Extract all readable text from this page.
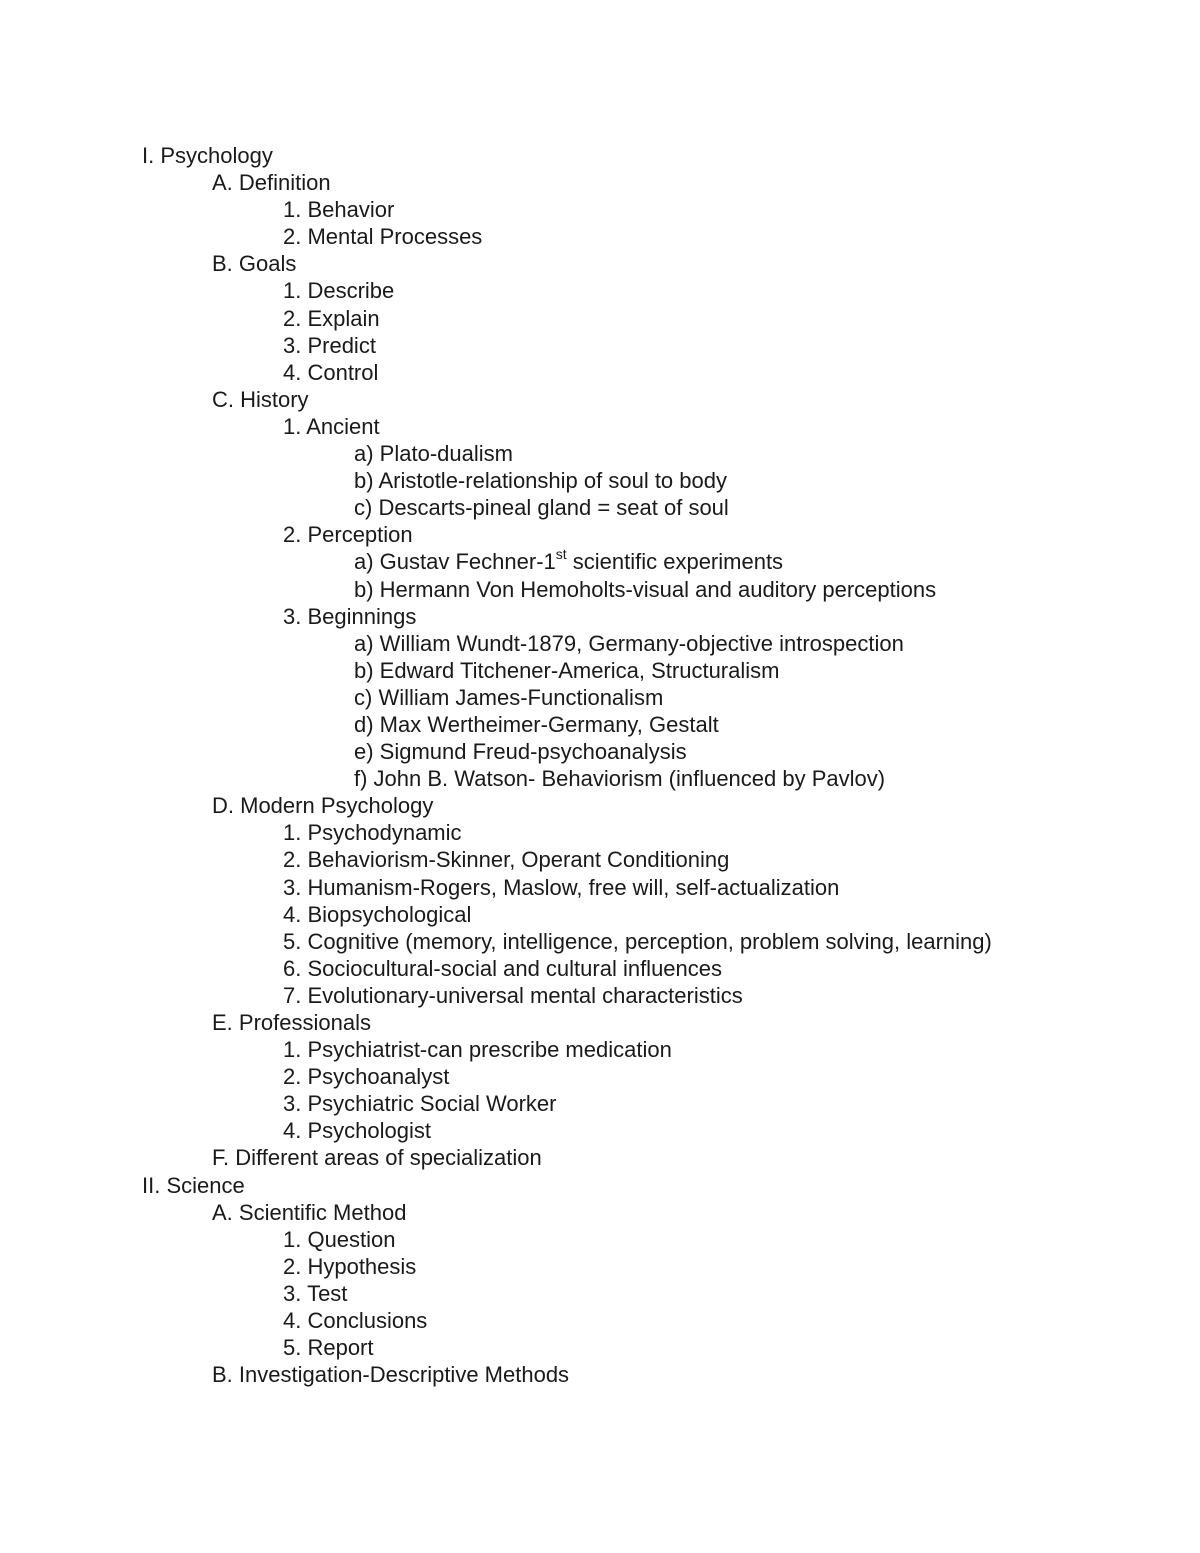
I. Psychology
A. Definition
1. Behavior
2. Mental Processes
B. Goals
1. Describe
2. Explain
3. Predict
4. Control
C. History
1. Ancient
a) Plato-dualism
b) Aristotle-relationship of soul to body
c) Descarts-pineal gland = seat of soul
2. Perception
a) Gustav Fechner-1st scientific experiments
b) Hermann Von Hemoholts-visual and auditory perceptions
3. Beginnings
a) William Wundt-1879, Germany-objective introspection
b) Edward Titchener-America, Structuralism
c) William James-Functionalism
d) Max Wertheimer-Germany, Gestalt
e) Sigmund Freud-psychoanalysis
f) John B. Watson- Behaviorism (influenced by Pavlov)
D. Modern Psychology
1. Psychodynamic
2. Behaviorism-Skinner, Operant Conditioning
3. Humanism-Rogers, Maslow, free will, self-actualization
4. Biopsychological
5. Cognitive (memory, intelligence, perception, problem solving, learning)
6. Sociocultural-social and cultural influences
7. Evolutionary-universal mental characteristics
E. Professionals
1. Psychiatrist-can prescribe medication
2. Psychoanalyst
3. Psychiatric Social Worker
4. Psychologist
F. Different areas of specialization
II. Science
A. Scientific Method
1. Question
2. Hypothesis
3. Test
4. Conclusions
5. Report
B. Investigation-Descriptive Methods
